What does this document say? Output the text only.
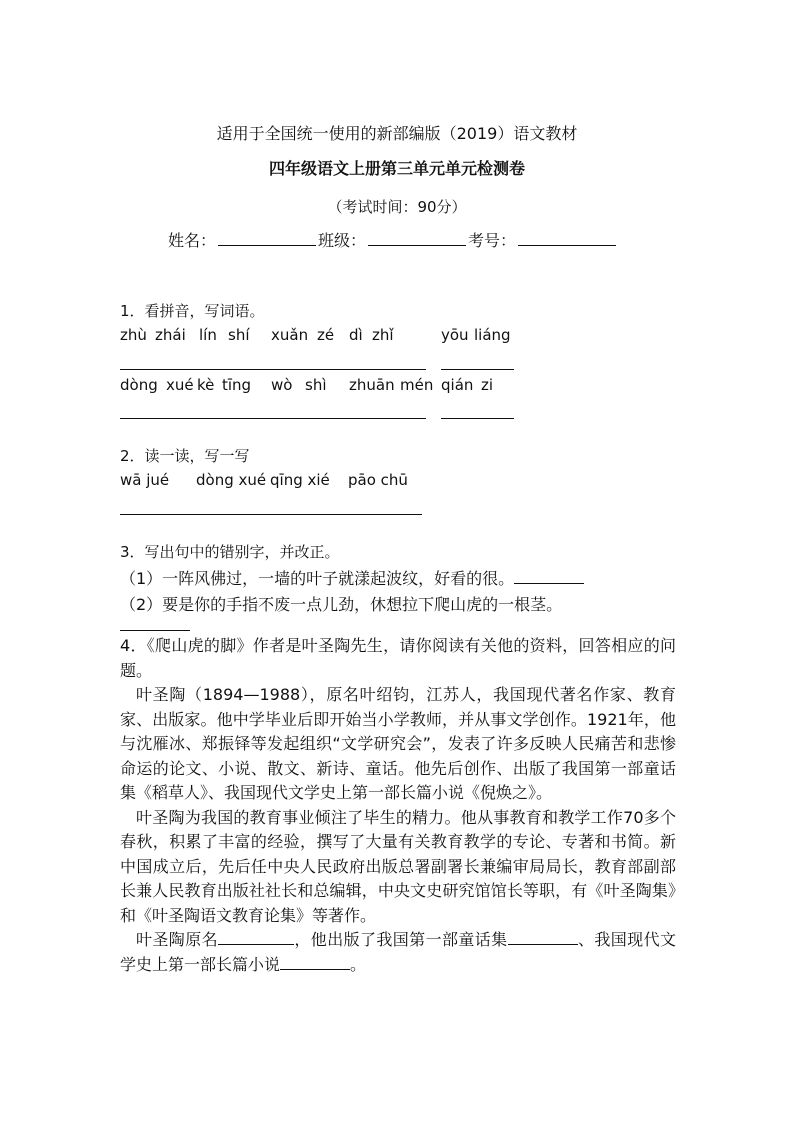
适用于全国统一使用的新部编版（2019）语文教材
四年级语文上册第三单元单元检测卷
（考试时间：90分）
姓名：	班级：	考号：
1．看拼音，写词语。
zhù zhái lín shí xuǎn zé dì zhǐ	yōu liáng
dòng xué kè tīng wò shì zhuān mén qián zi
2．读一读，写一写
wā jué dòng xué qīng xié pāo chū
3．写出句中的错别字，并改正。
（1）一阵风佛过，一墙的叶子就漾起波纹，好看的很。
（2）要是你的手指不废一点儿劲，休想拉下爬山虎的一根茎。

4．《爬山虎的脚》作者是叶圣陶先生，请你阅读有关他的资料，回答相应的问题。

叶圣陶（1894—1988），原名叶绍钧，江苏人，我国现代著名作家、教育家、出版家。他中学毕业后即开始当小学教师，并从事文学创作。1921年，他与沈雁冰、郑振铎等发起组织“文学研究会”，发表了许多反映人民痛苦和悲惨命运的论文、小说、散文、新诗、童话。他先后创作、出版了我国第一部童话集《稻草人》、我国现代文学史上第一部长篇小说《倪焕之》。

叶圣陶为我国的教育事业倾注了毕生的精力。他从事教育和教学工作70多个春秋，积累了丰富的经验，撰写了大量有关教育教学的专论、专著和书简。新中国成立后，先后任中央人民政府出版总署副署长兼编审局局长，教育部副部长兼人民教育出版社社长和总编辑，中央文史研究馆馆长等职，有《叶圣陶集》和《叶圣陶语文教育论集》等著作。

叶圣陶原名	，他出版了我国第一部童话集	、我国现代文学史上第一部长篇小说	。
